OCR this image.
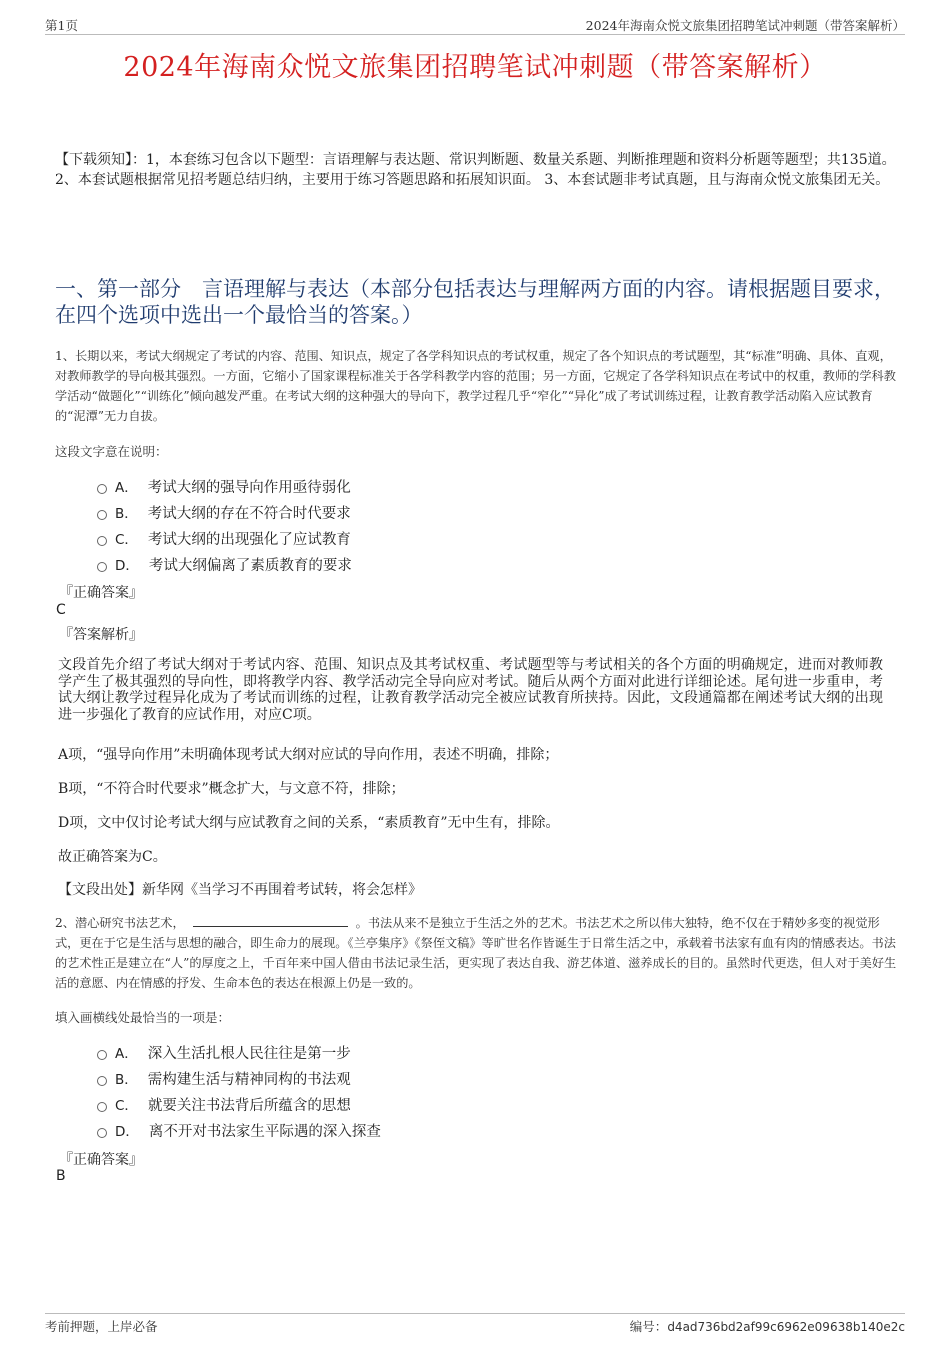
第1页	2024年海南众悦文旅集团招聘笔试冲刺题（带答案解析）
2024年海南众悦文旅集团招聘笔试冲刺题（带答案解析）
【下载须知】：1，本套练习包含以下题型：言语理解与表达题、常识判断题、数量关系题、判断推理题和资料分析题等题型；共135道。 2、本套试题根据常见招考题总结归纳，主要用于练习答题思路和拓展知识面。 3、本套试题非考试真题，且与海南众悦文旅集团无关。
一、第一部分　言语理解与表达（本部分包括表达与理解两方面的内容。请根据题目要求，在四个选项中选出一个最恰当的答案。）
1、长期以来，考试大纲规定了考试的内容、范围、知识点，规定了各学科知识点的考试权重，规定了各个知识点的考试题型，其“标准”明确、具体、直观，对教师教学的导向极其强烈。一方面，它缩小了国家课程标准关于各学科教学内容的范围；另一方面，它规定了各学科知识点在考试中的权重，教师的学科教学活动“做题化”“训练化”倾向越发严重。在考试大纲的这种强大的导向下，教学过程几乎“窄化”“异化”成了考试训练过程，让教育教学活动陷入应试教育的“泥潭”无力自拔。
这段文字意在说明：
A． 考试大纲的强导向作用亟待弱化
B． 考试大纲的存在不符合时代要求
C． 考试大纲的出现强化了应试教育
D． 考试大纲偏离了素质教育的要求
『正确答案』
C
『答案解析』
文段首先介绍了考试大纲对于考试内容、范围、知识点及其考试权重、考试题型等与考试相关的各个方面的明确规定，进而对教师教学产生了极其强烈的导向性，即将教学内容、教学活动完全导向应对考试。随后从两个方面对此进行详细论述。尾句进一步重申，考试大纲让教学过程异化成为了考试而训练的过程，让教育教学活动完全被应试教育所挟持。因此，文段通篇都在阐述考试大纲的出现进一步强化了教育的应试作用，对应C项。
A项，“强导向作用”未明确体现考试大纲对应试的导向作用，表述不明确，排除；
B项，“不符合时代要求”概念扩大，与文意不符，排除；
D项，文中仅讨论考试大纲与应试教育之间的关系，“素质教育”无中生有，排除。
故正确答案为C。
【文段出处】新华网《当学习不再围着考试转，将会怎样》
2、潜心研究书法艺术，	。书法从来不是独立于生活之外的艺术。书法艺术之所以伟大独特，绝不仅在于精妙多变的视觉形式，更在于它是生活与思想的融合，即生命力的展现。《兰亭集序》《祭侄文稿》等旷世名作皆诞生于日常生活之中，承载着书法家有血有肉的情感表达。书法的艺术性正是建立在“人”的厚度之上，千百年来中国人借由书法记录生活，更实现了表达自我、游艺体道、滋养成长的目的。虽然时代更迭，但人对于美好生活的意愿、内在情感的抒发、生命本色的表达在根源上仍是一致的。
填入画横线处最恰当的一项是：
A． 深入生活扎根人民往往是第一步
B． 需构建生活与精神同构的书法观
C． 就要关注书法背后所蕴含的思想
D． 离不开对书法家生平际遇的深入探查
『正确答案』
B
考前押题，上岸必备	编号：d4ad736bd2af99c6962e09638b140e2c
